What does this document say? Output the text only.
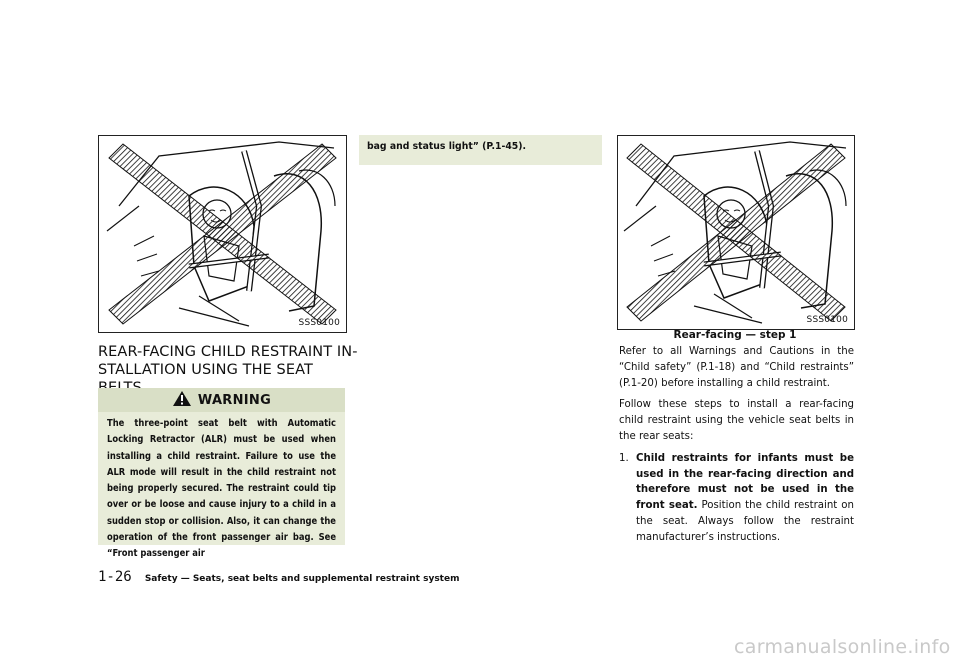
SSS0100
REAR-FACING CHILD RESTRAINT IN-
STALLATION USING THE SEAT
WARNING
The three-point seat belt with Automatic Locking Retractor (ALR) must be used when installing a child restraint. Failure to use the ALR mode will result in the child restraint not being properly secured. The restraint could tip over or be loose and cause injury to a child in a sudden stop or collision. Also, it can change the operation of the front passenger air bag. See “Front passenger air
bag and status light” (P.1-45).
SSS0100
Rear-facing — step 1

Refer to all Warnings and Cautions in the “Child safety” (P.1-18) and “Child restraints” (P.1-20) before installing a child restraint.

Follow these steps to install a rear-facing child restraint using the vehicle seat belts in the rear seats:

1. Child restraints for infants must be used in the rear-facing direction and therefore must not be used in the front seat. Position the child restraint on the seat. Always follow the restraint manufacturer’s instructions.
1-26 Safety — Seats, seat belts and supplemental restraint system
carmanualsonline.info
